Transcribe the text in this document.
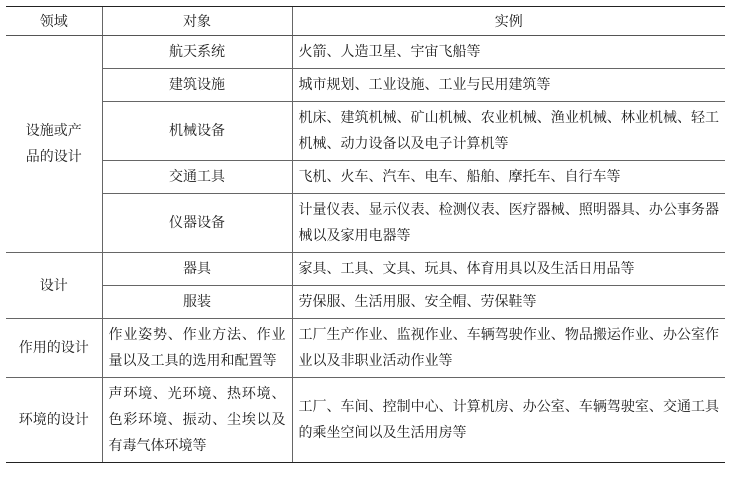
领域	对象	实例
设施或产品的设计	航天系统	火箭、人造卫星、宇宙飞船等
	建筑设施	城市规划、工业设施、工业与民用建筑等
	机械设备	机床、建筑机械、矿山机械、农业机械、渔业机械、林业机械、轻工机械、动力设备以及电子计算机等
	交通工具	飞机、火车、汽车、电车、船舶、摩托车、自行车等
	仪器设备	计量仪表、显示仪表、检测仪表、医疗器械、照明器具、办公事务器械以及家用电器等
设计	器具	家具、工具、文具、玩具、体育用具以及生活日用品等
	服装	劳保服、生活用服、安全帽、劳保鞋等
作用的设计	作业姿势、作业方法、作业量以及工具的选用和配置等	工厂生产作业、监视作业、车辆驾驶作业、物品搬运作业、办公室作业以及非职业活动作业等
环境的设计	声环境、光环境、热环境、色彩环境、振动、尘埃以及有毒气体环境等	工厂、车间、控制中心、计算机房、办公室、车辆驾驶室、交通工具的乘坐空间以及生活用房等
